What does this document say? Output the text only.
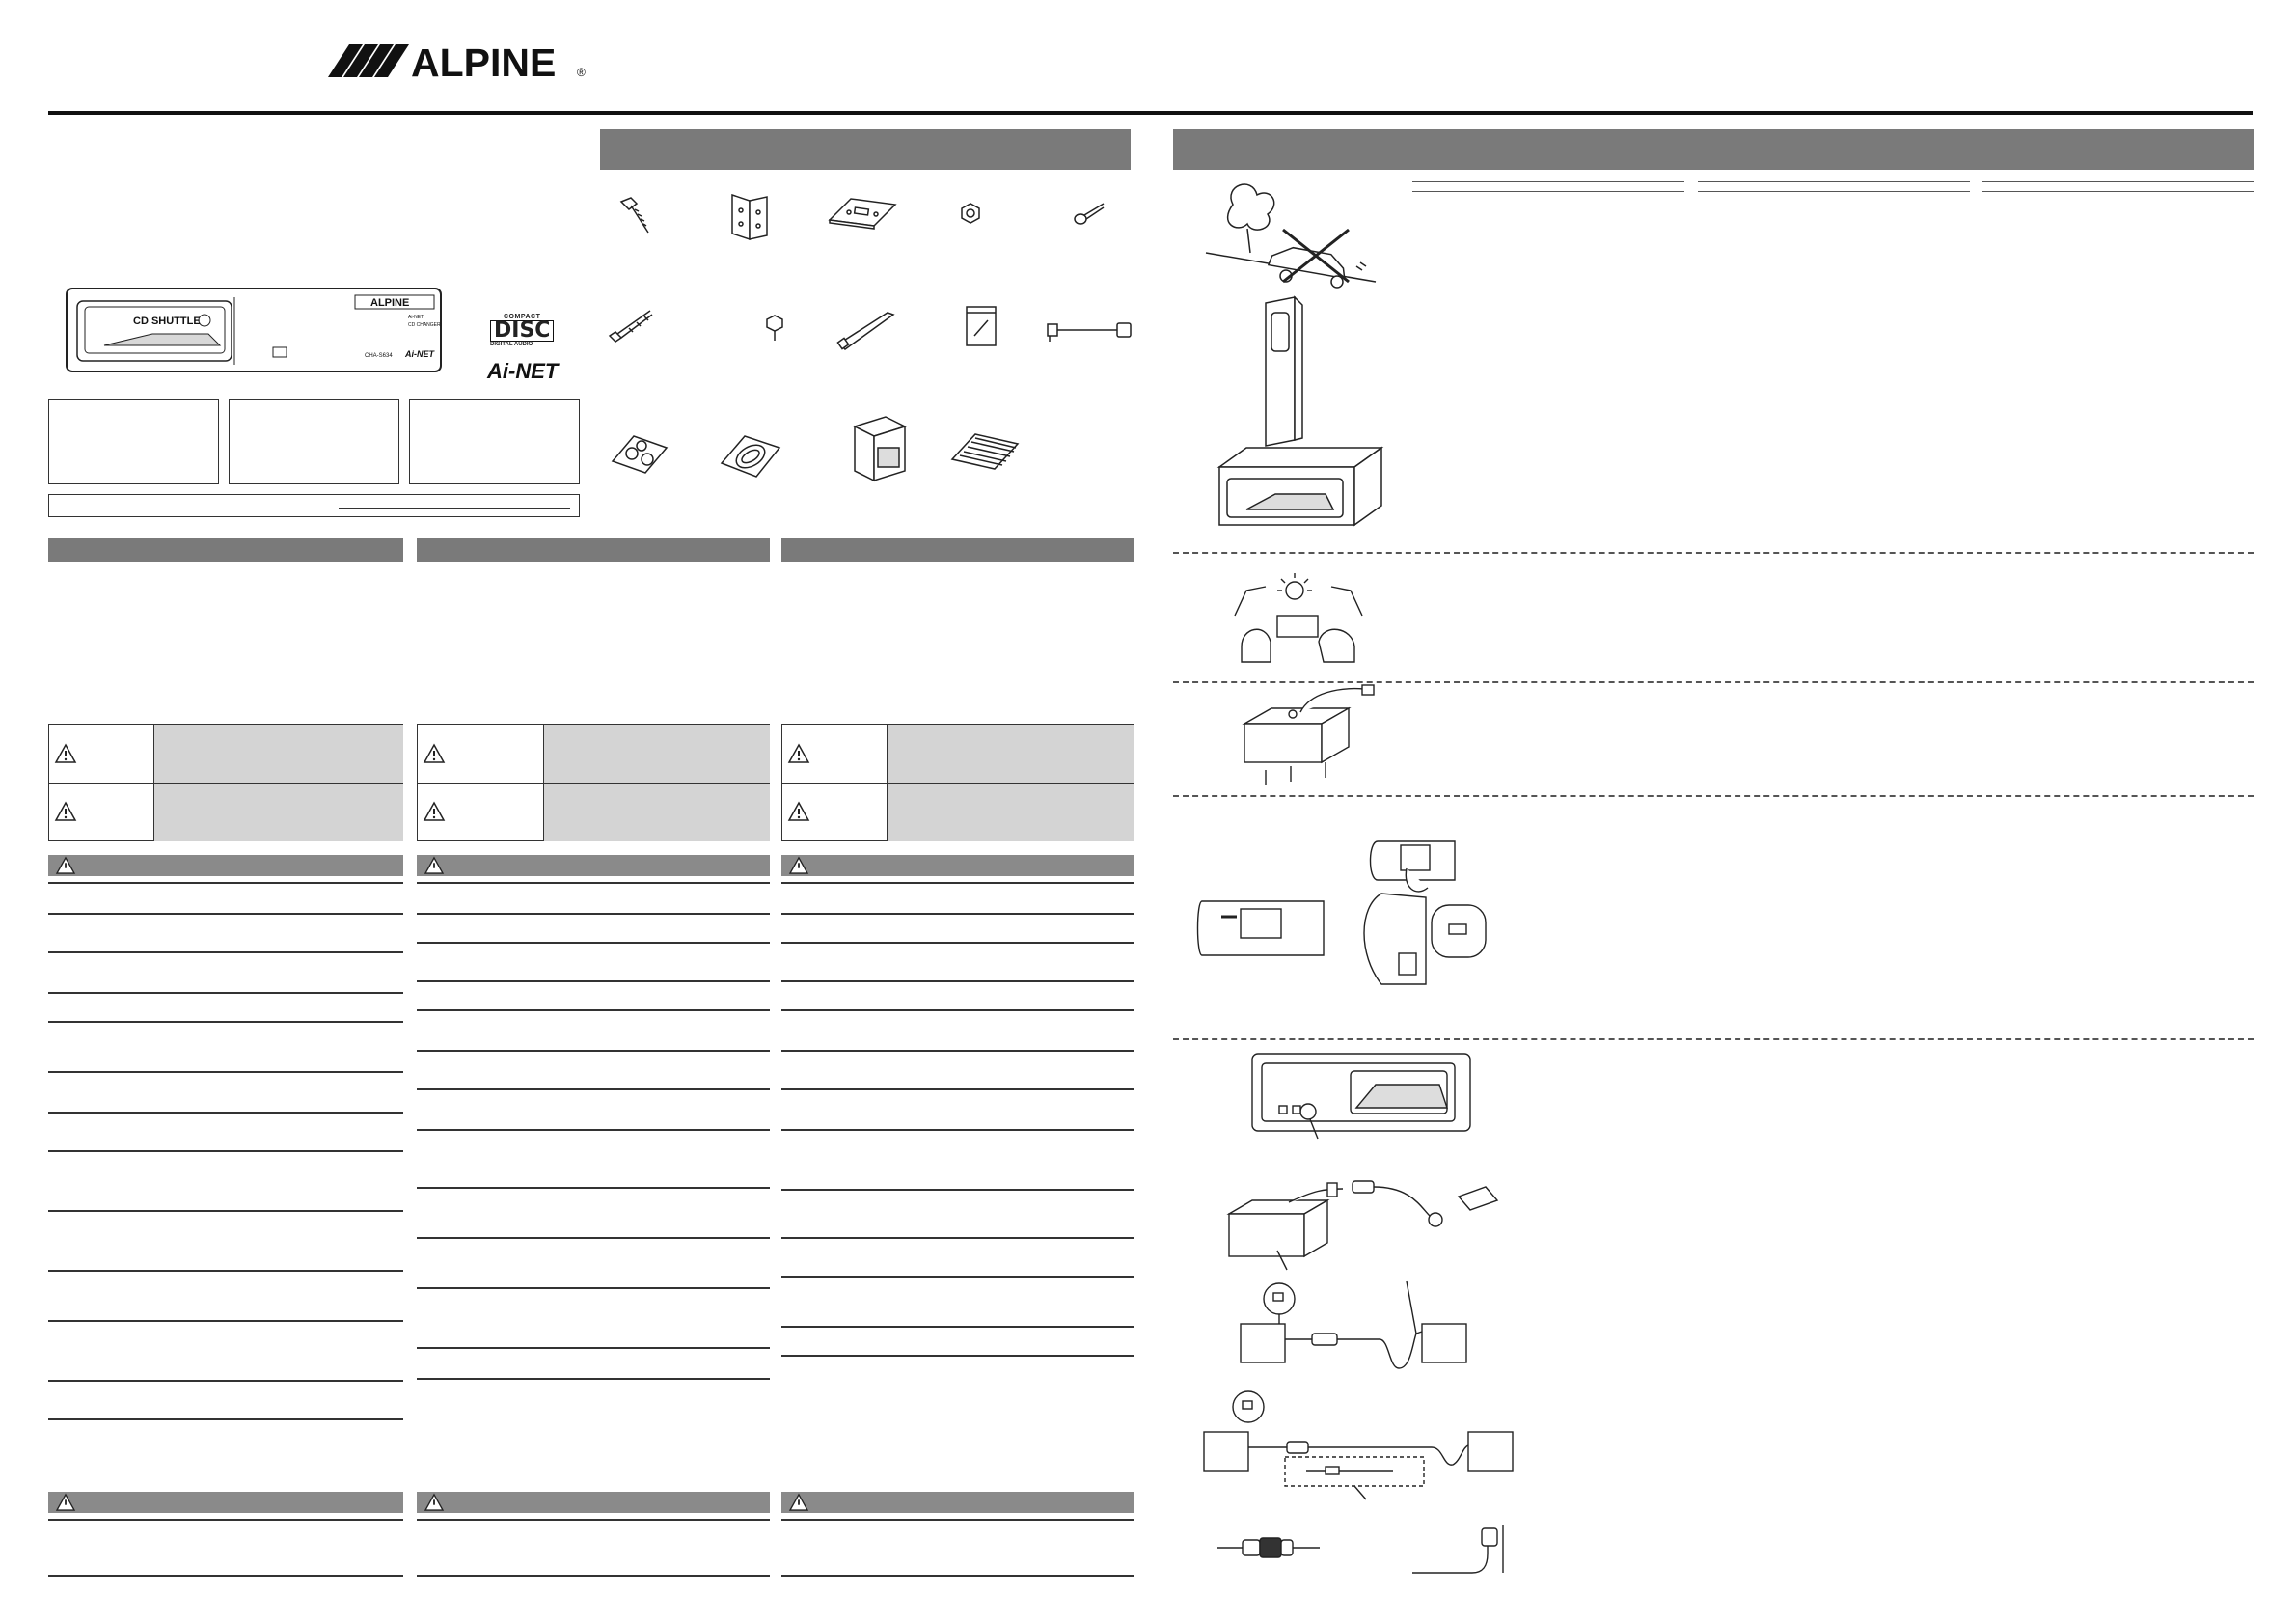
ALPINE ®
CD SHUTTLE
ALPINE
Ai-NET
CD CHANGER
CHA-S634 Ai-NET
COMPACT
DISC
DIGITAL AUDIO
Ai-NET
